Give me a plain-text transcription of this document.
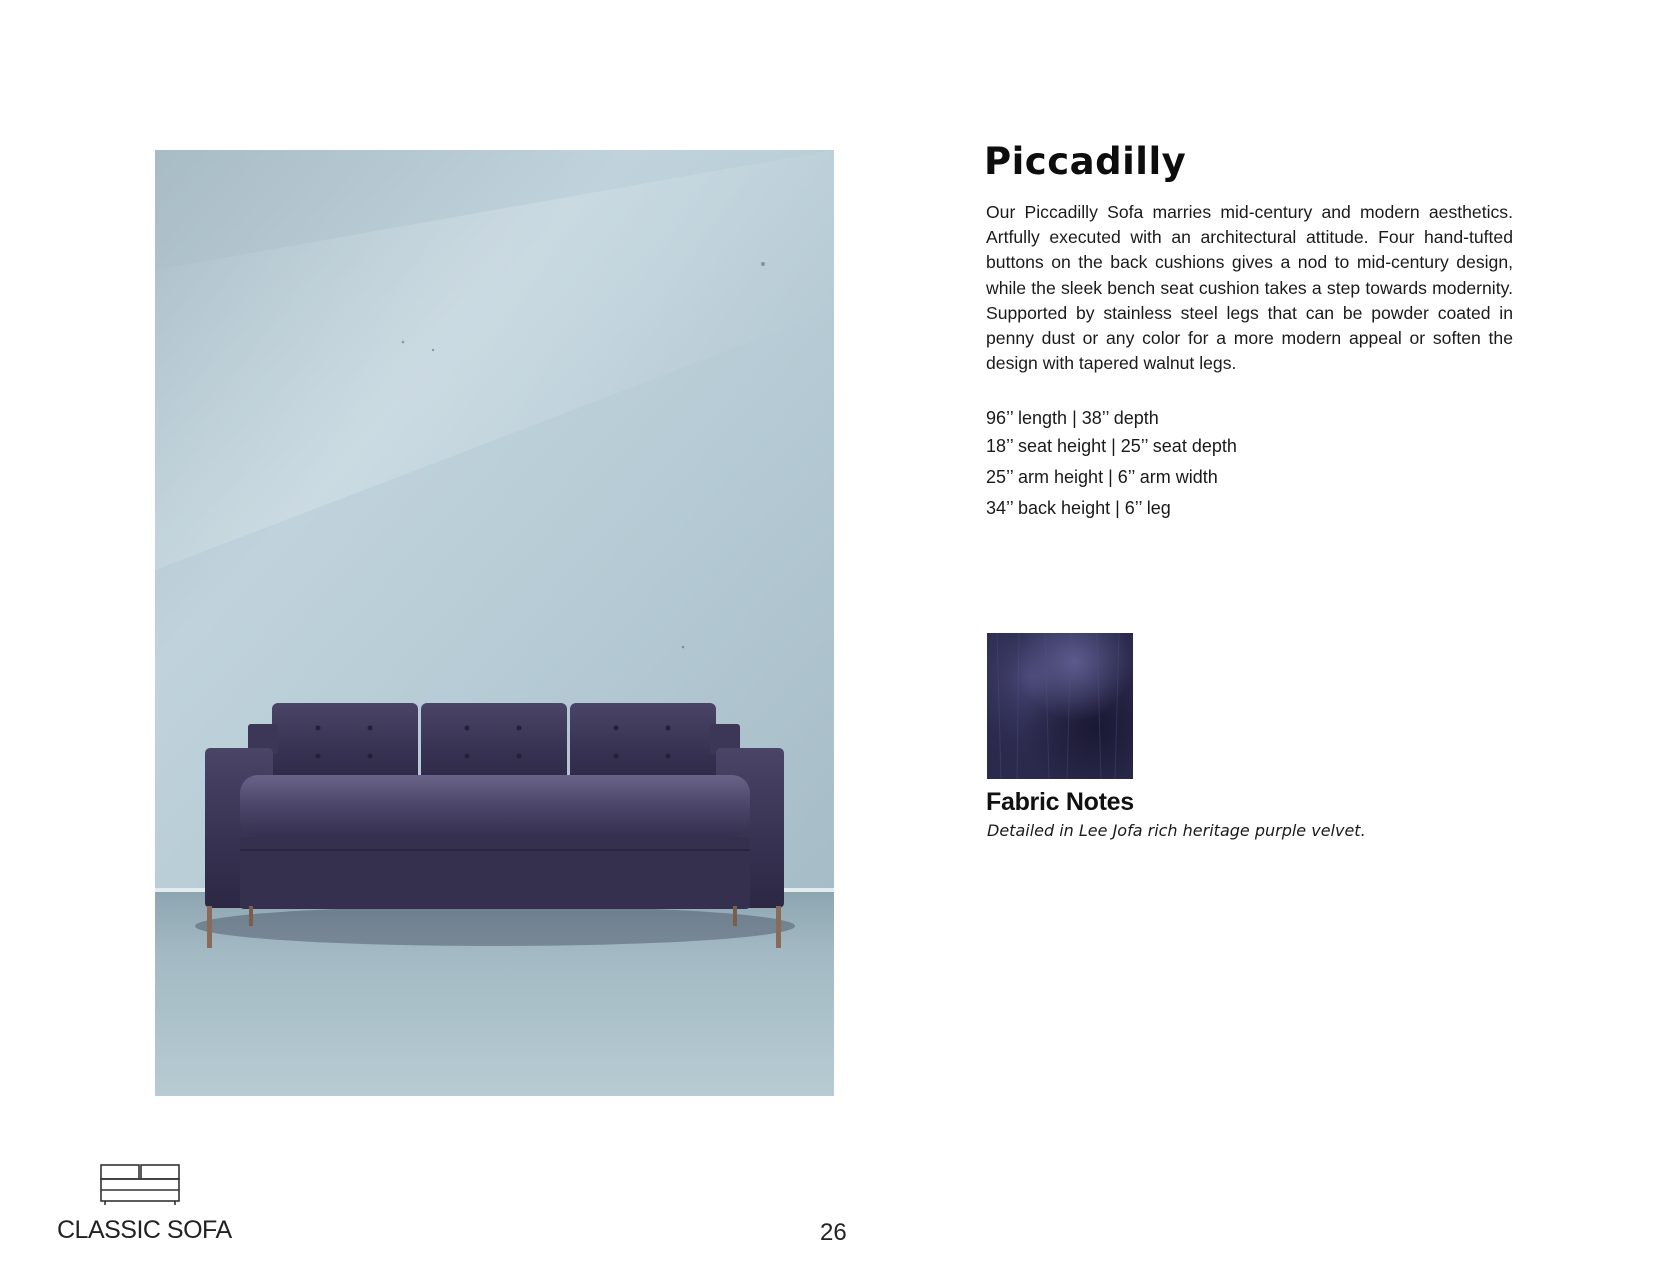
Piccadilly
Our Piccadilly Sofa marries mid-century and modern aesthetics. Artfully executed with an architectural attitude. Four hand-tufted buttons on the back cushions gives a nod to mid-century design, while the sleek bench seat cushion takes a step towards modernity. Supported by stainless steel legs that can be powder coated in penny dust or any color for a more modern appeal or soften the design with tapered walnut legs.
96’’ length | 38’’ depth
18’’ seat height | 25’’ seat depth
25’’ arm height | 6’’ arm width
34’’ back height | 6’’ leg
Fabric Notes
Detailed in Lee Jofa rich heritage purple velvet.
CLASSIC SOFA	26
